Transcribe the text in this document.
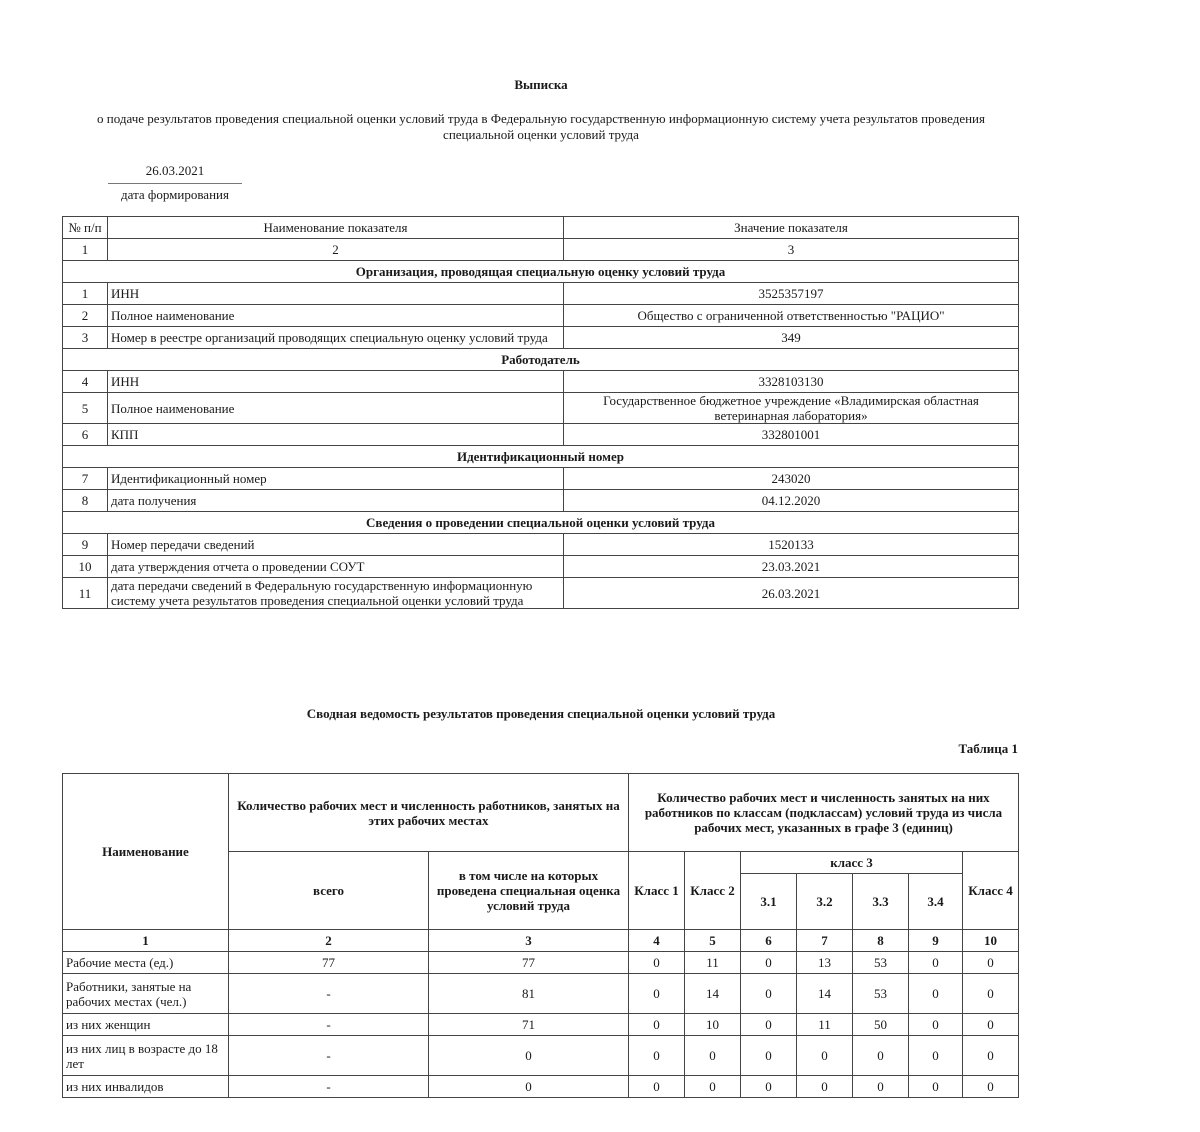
Выписка
о подаче результатов проведения специальной оценки условий труда в Федеральную государственную информационную систему учета результатов проведения специальной оценки условий труда
26.03.2021
дата формирования
№ п/п	Наименование показателя	Значение показателя
1	2	3
Организация, проводящая специальную оценку условий труда		
1	ИНН	3525357197
2	Полное наименование	Общество с ограниченной ответственностью "РАЦИО"
3	Номер в реестре организаций проводящих специальную оценку условий труда	349
Работодатель		
4	ИНН	3328103130
5	Полное наименование	Государственное бюджетное учреждение «Владимирская областная ветеринарная лаборатория»
6	КПП	332801001
Идентификационный номер		
7	Идентификационный номер	243020
8	дата получения	04.12.2020
Сведения о проведении специальной оценки условий труда		
9	Номер передачи сведений	1520133
10	дата утверждения отчета о проведении СОУТ	23.03.2021
11	дата передачи сведений в Федеральную государственную информационную систему учета результатов проведения специальной оценки условий труда	26.03.2021
Сводная ведомость результатов проведения специальной оценки условий труда
Таблица 1
Наименование	Количество рабочих мест и численность работников, занятых на этих рабочих местах		Количество рабочих мест и численность занятых на них работников по классам (подклассам) условий труда из числа рабочих мест, указанных в графе 3 (единиц)						
	всего	в том числе на которых проведена специальная оценка условий труда	Класс 1	Класс 2	класс 3				Класс 4
					3.1	3.2	3.3	3.4	
1	2	3	4	5	6	7	8	9	10
Рабочие места (ед.)	77	77	0	11	0	13	53	0	0
Работники, занятые на рабочих местах (чел.)	-	81	0	14	0	14	53	0	0
из них женщин	-	71	0	10	0	11	50	0	0
из них лиц в возрасте до 18 лет	-	0	0	0	0	0	0	0	0
из них инвалидов	-	0	0	0	0	0	0	0	0
